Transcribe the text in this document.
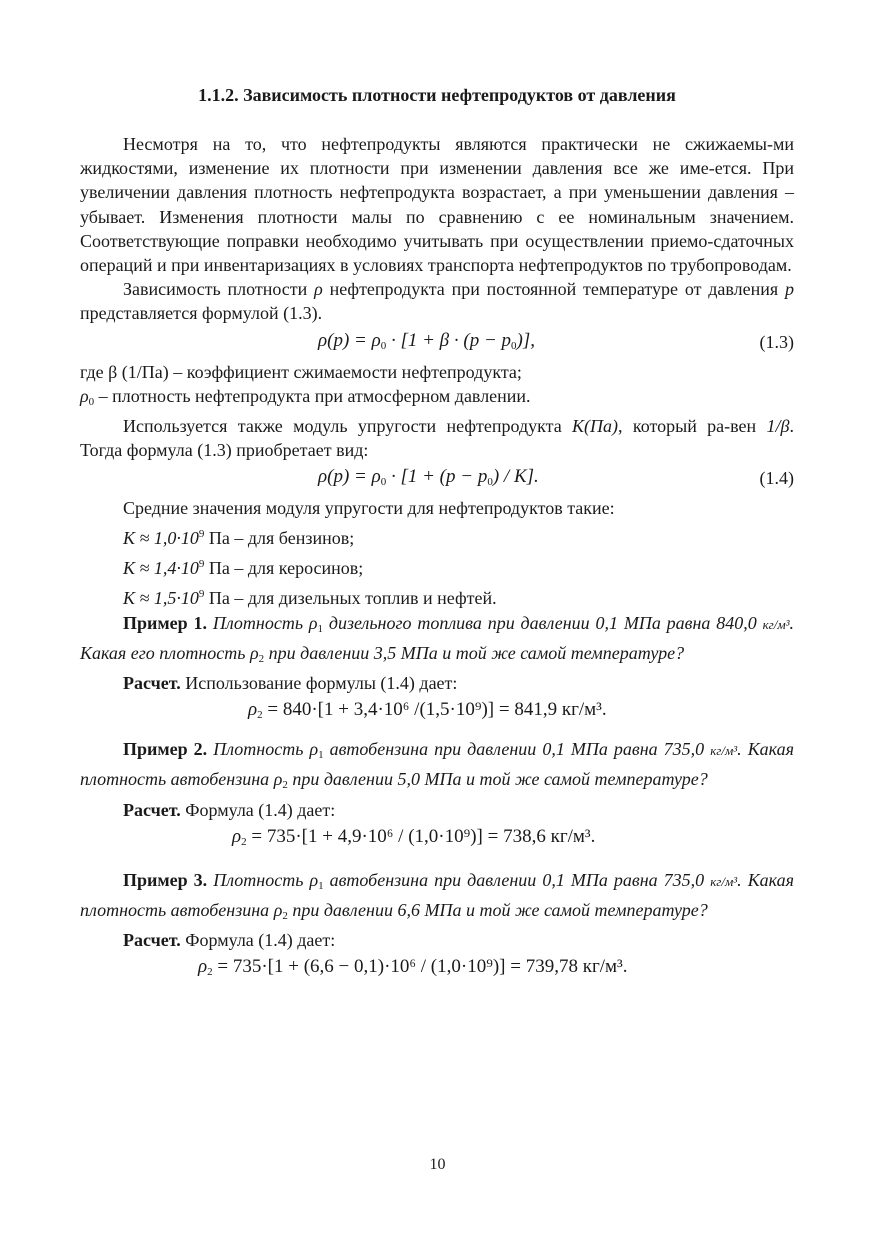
1.1.2. Зависимость плотности нефтепродуктов от давления

Несмотря на то, что нефтепродукты являются практически не сжижаемы-ми жидкостями, изменение их плотности при изменении давления все же име-ется. При увеличении давления плотность нефтепродукта возрастает, а при уменьшении давления – убывает. Изменения плотности малы по сравнению с ее номинальным значением. Соответствующие поправки необходимо учитывать при осуществлении приемо-сдаточных операций и при инвентаризациях в условиях транспорта нефтепродуктов по трубопроводам.

Зависимость плотности ρ нефтепродукта при постоянной температуре от давления p представляется формулой (1.3).

$\rho(p) = \rho_0 \cdot [1 + \beta \cdot (p - p_0)]$,	(1.3)

где β (1/Па) – коэффициент сжимаемости нефтепродукта;

$\rho_0$ – плотность нефтепродукта при атмосферном давлении.

Используется также модуль упругости нефтепродукта K(Па), который ра-вен 1/β. Тогда формула (1.3) приобретает вид:

$\rho(p) = \rho_0 \cdot [1 + (p - p_0) / K]$.	(1.4)

Средние значения модуля упругости для нефтепродуктов такие:

$K \approx 1,0\cdot 10^9$ Па – для бензинов;
$K \approx 1,4\cdot 10^9$ Па – для керосинов;
$K \approx 1,5\cdot 10^9$ Па – для дизельных топлив и нефтей.

Пример 1. Плотность $\rho_1$ дизельного топлива при давлении 0,1 МПа равна 840,0 кг/м³. Какая его плотность $\rho_2$ при давлении 3,5 МПа и той же самой температуре?

Расчет. Использование формулы (1.4) дает:

$\rho_2 = 840\cdot[1 + 3,4\cdot 10^6$ /(1,5·10⁹)] = 841,9 кг/м³.

Пример 2. Плотность $\rho_1$ автобензина при давлении 0,1 МПа равна 735,0 кг/м³. Какая плотность автобензина $\rho_2$ при давлении 5,0 МПа и той же самой температуре?

Расчет. Формула (1.4) дает:

$\rho_2 = 735\cdot[1 + 4,9\cdot 10^6 / (1,0\cdot 10^9)] = 738,6$ кг/м³.

Пример 3. Плотность $\rho_1$ автобензина при давлении 0,1 МПа равна 735,0 кг/м³. Какая плотность автобензина $\rho_2$ при давлении 6,6 МПа и той же самой температуре?

Расчет. Формула (1.4) дает:

$\rho_2 = 735\cdot[1 + (6,6 - 0,1)\cdot 10^6 / (1,0\cdot 10^9)] = 739,78$ кг/м³.
10
